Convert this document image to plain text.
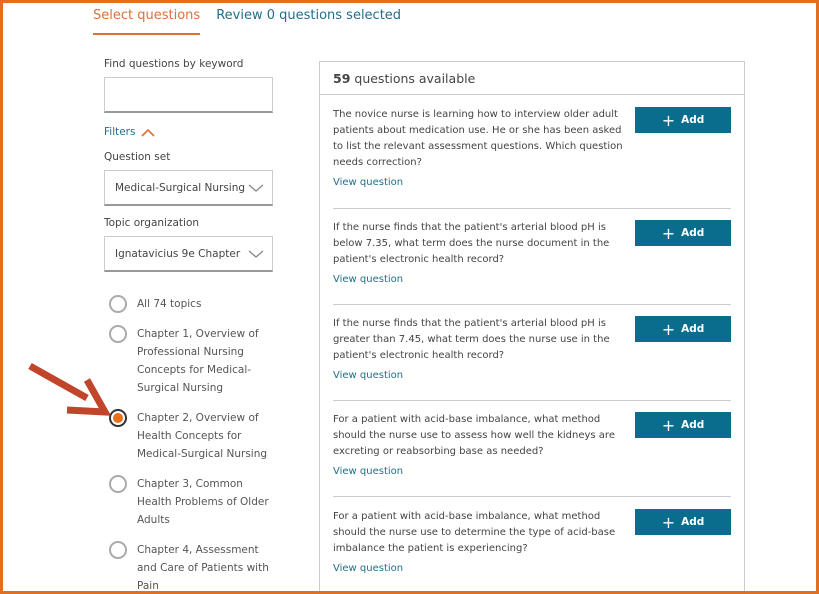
Select questions Review 0 questions selected
Find questions by keyword
Filters
Question set
Medical-Surgical Nursing
Topic organization
Ignatavicius 9e Chapter
All 74 topics
Chapter 1, Overview of Professional Nursing Concepts for Medical-Surgical Nursing
Chapter 2, Overview of Health Concepts for Medical-Surgical Nursing
Chapter 3, Common Health Problems of Older Adults
Chapter 4, Assessment and Care of Patients with Pain
59 questions available
The novice nurse is learning how to interview older adult patients about medication use. He or she has been asked to list the relevant assessment questions. Which question needs correction?
View question
+ Add
If the nurse finds that the patient's arterial blood pH is below 7.35, what term does the nurse document in the patient's electronic health record?
View question
+ Add
If the nurse finds that the patient's arterial blood pH is greater than 7.45, what term does the nurse use in the patient's electronic health record?
View question
+ Add
For a patient with acid-base imbalance, what method should the nurse use to assess how well the kidneys are excreting or reabsorbing base as needed?
View question
+ Add
For a patient with acid-base imbalance, what method should the nurse use to determine the type of acid-base imbalance the patient is experiencing?
View question
+ Add
